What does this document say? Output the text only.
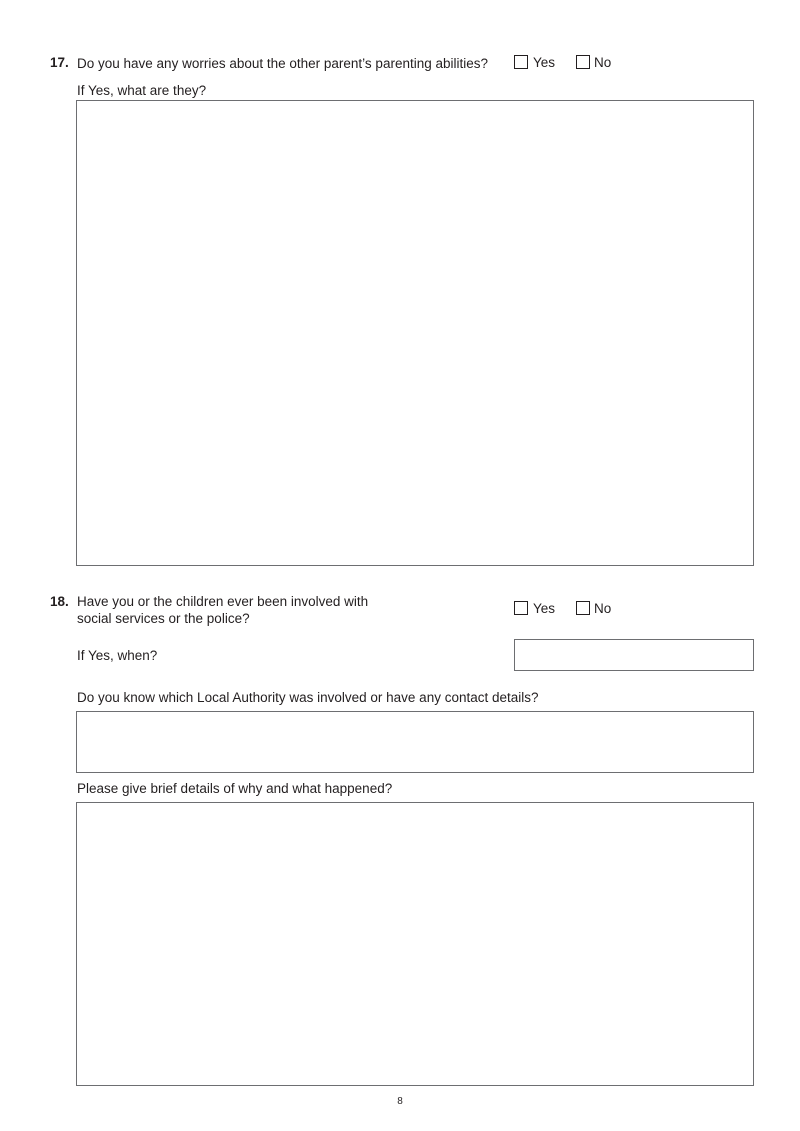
17. Do you have any worries about the other parent’s parenting abilities?	Yes	No
If Yes, what are they?
18. Have you or the children ever been involved with
social services or the police?
Yes	No
If Yes, when?
Do you know which Local Authority was involved or have any contact details?
Please give brief details of why and what happened?
8
